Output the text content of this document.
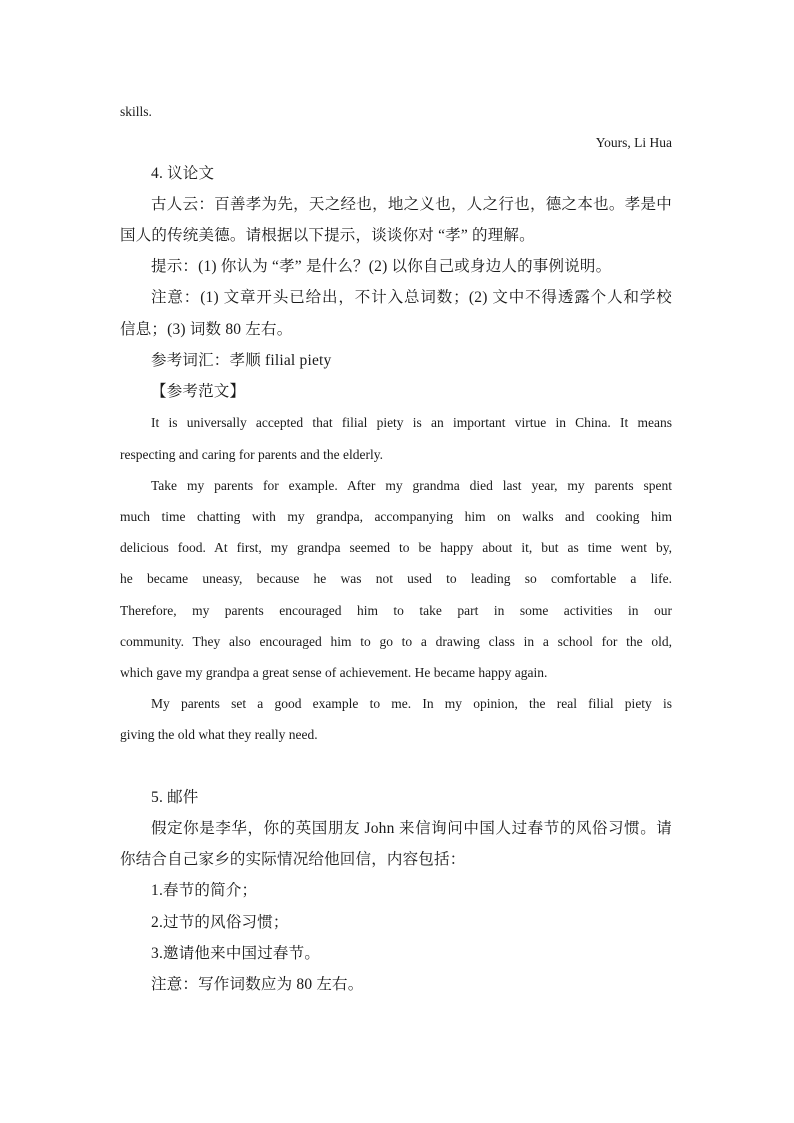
skills.
Yours, Li Hua
4. 议论文
古人云：百善孝为先，天之经也，地之义也，人之行也，德之本也。孝是中
国人的传统美德。请根据以下提示，谈谈你对 “孝” 的理解。
提示：(1) 你认为 “孝” 是什么？(2) 以你自己或身边人的事例说明。
注意：(1) 文章开头已给出，不计入总词数；(2) 文中不得透露个人和学校
信息；(3) 词数 80 左右。
参考词汇：孝顺 filial piety
【参考范文】
It is universally accepted that filial piety is an important virtue in China. It means
respecting and caring for parents and the elderly.
Take my parents for example. After my grandma died last year, my parents spent
much time chatting with my grandpa, accompanying him on walks and cooking him
delicious food. At first, my grandpa seemed to be happy about it, but as time went by,
he became uneasy, because he was not used to leading so comfortable a life.
Therefore, my parents encouraged him to take part in some activities in our
community. They also encouraged him to go to a drawing class in a school for the old,
which gave my grandpa a great sense of achievement. He became happy again.
My parents set a good example to me. In my opinion, the real filial piety is
giving the old what they really need.
5. 邮件
假定你是李华，你的英国朋友 John 来信询问中国人过春节的风俗习惯。请
你结合自己家乡的实际情况给他回信，内容包括：
1.春节的简介；
2.过节的风俗习惯；
3.邀请他来中国过春节。
注意：写作词数应为 80 左右。
